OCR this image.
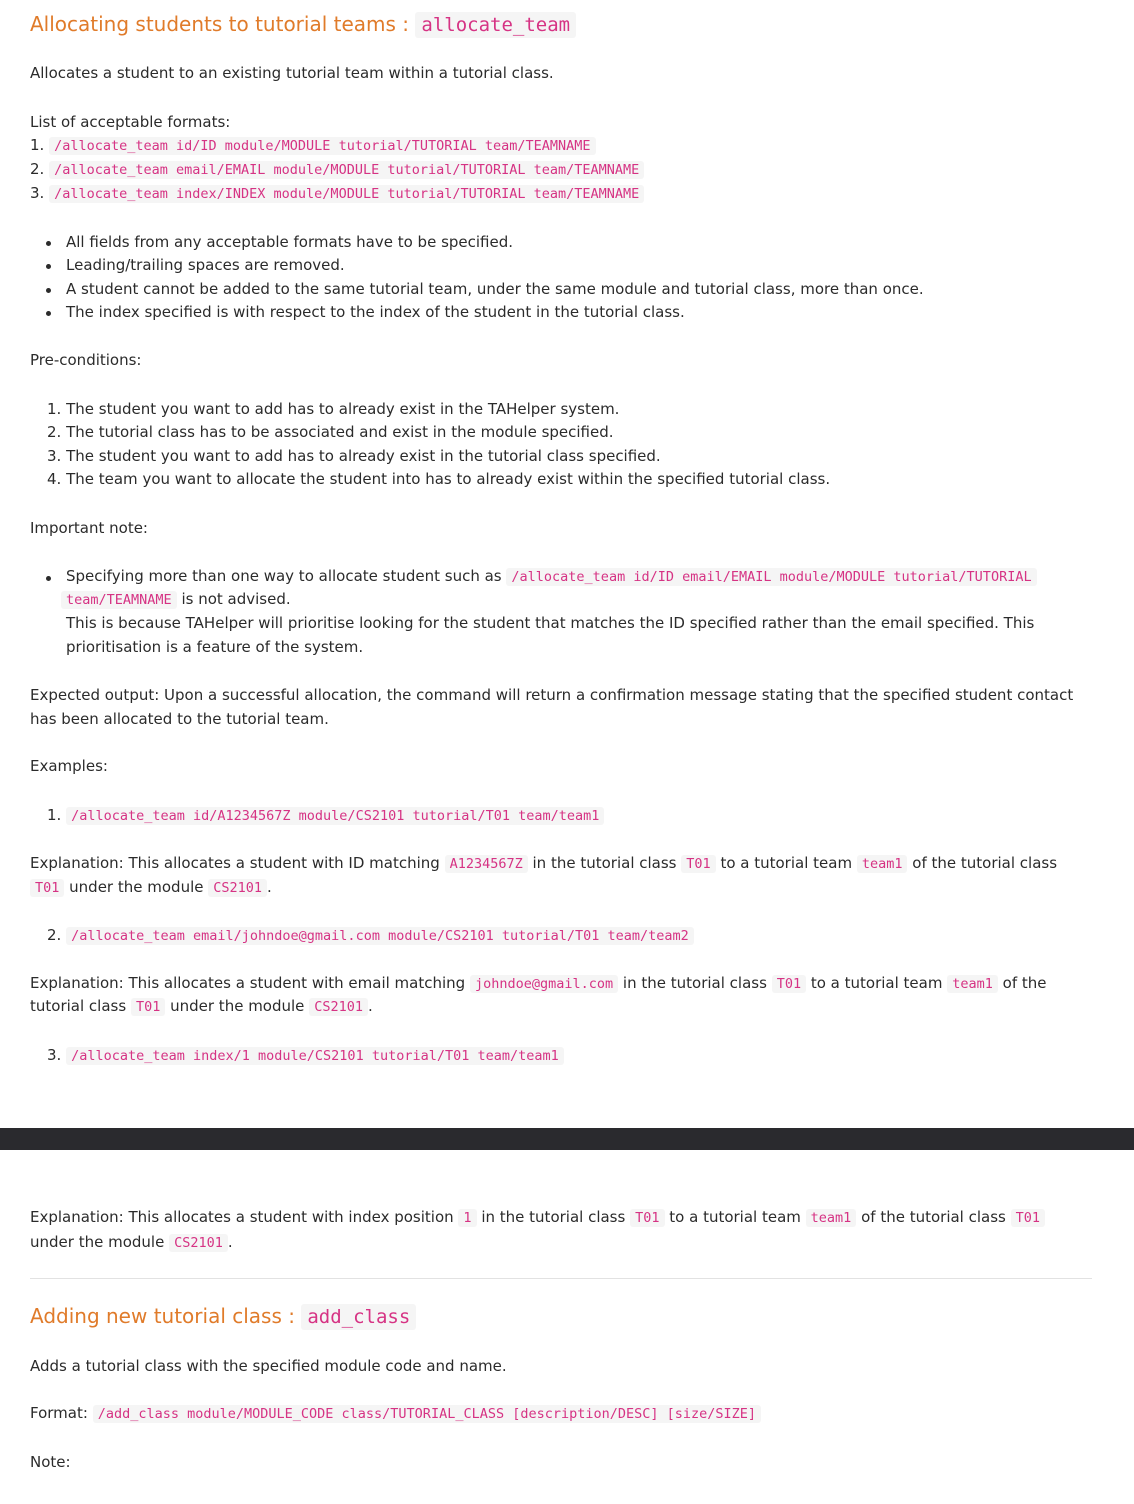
Allocating students to tutorial teams : allocate_team
Allocates a student to an existing tutorial team within a tutorial class.
List of acceptable formats:
1. /allocate_team id/ID module/MODULE tutorial/TUTORIAL team/TEAMNAME
2. /allocate_team email/EMAIL module/MODULE tutorial/TUTORIAL team/TEAMNAME
3. /allocate_team index/INDEX module/MODULE tutorial/TUTORIAL team/TEAMNAME
All fields from any acceptable formats have to be specified.
Leading/trailing spaces are removed.
A student cannot be added to the same tutorial team, under the same module and tutorial class, more than once.
The index specified is with respect to the index of the student in the tutorial class.
Pre-conditions:
1. The student you want to add has to already exist in the TAHelper system.
2. The tutorial class has to be associated and exist in the module specified.
3. The student you want to add has to already exist in the tutorial class specified.
4. The team you want to allocate the student into has to already exist within the specified tutorial class.
Important note:
Specifying more than one way to allocate student such as /allocate_team id/ID email/EMAIL module/MODULE tutorial/TUTORIAL
team/TEAMNAME is not advised.
This is because TAHelper will prioritise looking for the student that matches the ID specified rather than the email specified. This
prioritisation is a feature of the system.
Expected output: Upon a successful allocation, the command will return a confirmation message stating that the specified student contact
has been allocated to the tutorial team.
Examples:
1. /allocate_team id/A1234567Z module/CS2101 tutorial/T01 team/team1
Explanation: This allocates a student with ID matching A1234567Z in the tutorial class T01 to a tutorial team team1 of the tutorial class
T01 under the module CS2101 .
2. /allocate_team email/johndoe@gmail.com module/CS2101 tutorial/T01 team/team2
Explanation: This allocates a student with email matching johndoe@gmail.com in the tutorial class T01 to a tutorial team team1 of the
tutorial class T01 under the module CS2101 .
3. /allocate_team index/1 module/CS2101 tutorial/T01 team/team1
Explanation: This allocates a student with index position 1 in the tutorial class T01 to a tutorial team team1 of the tutorial class T01
under the module CS2101 .
Adding new tutorial class : add_class
Adds a tutorial class with the specified module code and name.
Format: /add_class module/MODULE_CODE class/TUTORIAL_CLASS [description/DESC] [size/SIZE]
Note:
